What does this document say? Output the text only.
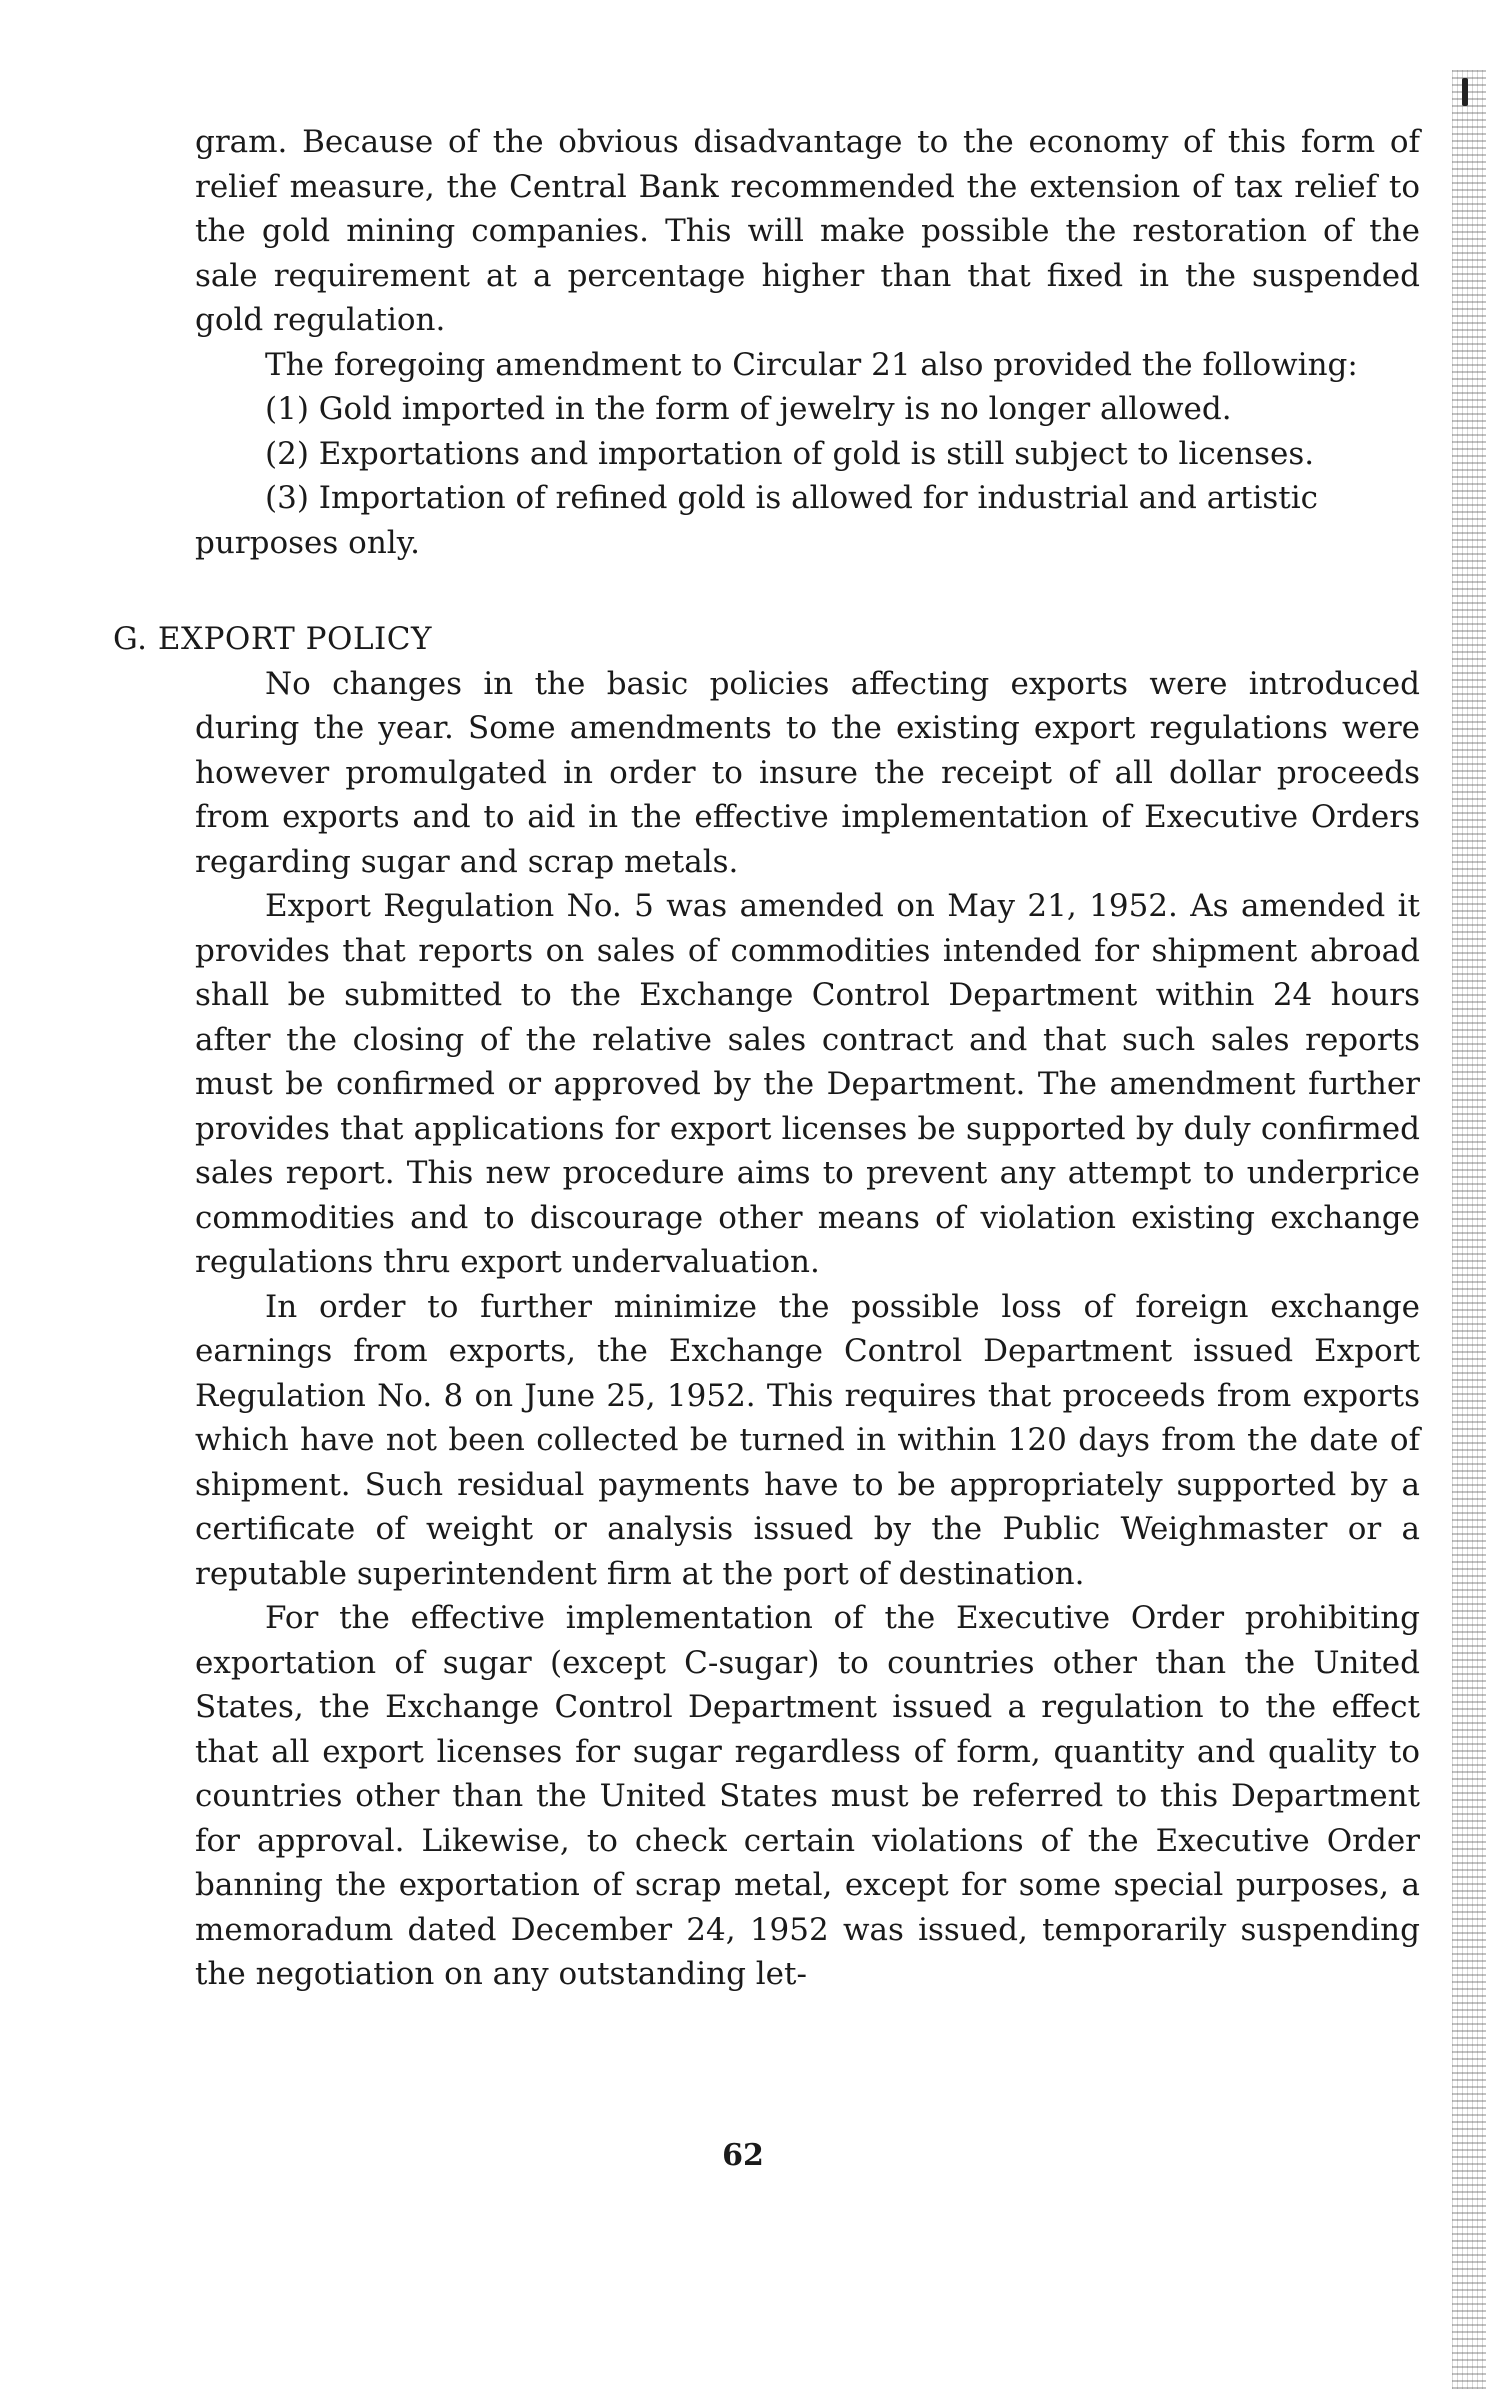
gram. Because of the obvious disadvantage to the economy of this form of relief measure, the Central Bank recommended the extension of tax relief to the gold mining companies. This will make possible the restoration of the sale requirement at a percentage higher than that fixed in the suspended gold regulation.

The foregoing amendment to Circular 21 also provided the following:

(1) Gold imported in the form of jewelry is no longer allowed.
(2) Exportations and importation of gold is still subject to licenses.
(3) Importation of refined gold is allowed for industrial and artistic

purposes only.

G. EXPORT POLICY

No changes in the basic policies affecting exports were introduced during the year. Some amendments to the existing export regulations were however promulgated in order to insure the receipt of all dollar proceeds from exports and to aid in the effective implementation of Executive Orders regarding sugar and scrap metals.

Export Regulation No. 5 was amended on May 21, 1952. As amended it provides that reports on sales of commodities intended for shipment abroad shall be submitted to the Exchange Control Department within 24 hours after the closing of the relative sales contract and that such sales reports must be confirmed or approved by the Department. The amendment further provides that applications for export licenses be supported by duly confirmed sales report. This new procedure aims to prevent any attempt to underprice commodities and to discourage other means of violation existing exchange regulations thru export undervaluation.

In order to further minimize the possible loss of foreign exchange earnings from exports, the Exchange Control Department issued Export Regulation No. 8 on June 25, 1952. This requires that proceeds from exports which have not been collected be turned in within 120 days from the date of shipment. Such residual payments have to be appropriately supported by a certificate of weight or analysis issued by the Public Weighmaster or a reputable superintendent firm at the port of destination.

For the effective implementation of the Executive Order prohibiting exportation of sugar (except C-sugar) to countries other than the United States, the Exchange Control Department issued a regulation to the effect that all export licenses for sugar regardless of form, quantity and quality to countries other than the United States must be referred to this Department for approval. Likewise, to check certain violations of the Executive Order banning the exportation of scrap metal, except for some special purposes, a memoradum dated December 24, 1952 was issued, temporarily suspending the negotiation on any outstanding let-

62
